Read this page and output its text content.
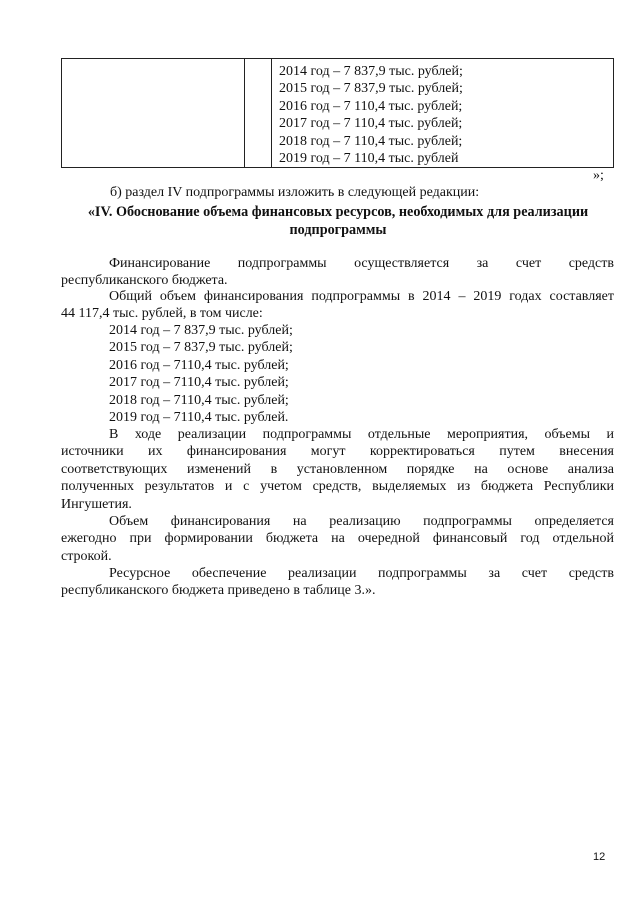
2014 год – 7 837,9 тыс. рублей;
2015 год – 7 837,9 тыс. рублей;
2016 год – 7 110,4 тыс. рублей;
2017 год – 7 110,4 тыс. рублей;
2018 год – 7 110,4 тыс. рублей;
2019 год – 7 110,4 тыс. рублей
»;
б) раздел IV подпрограммы изложить в следующей редакции:
«IV. Обоснование объема финансовых ресурсов, необходимых для реализации подпрограммы
Финансирование подпрограммы осуществляется за счет средств
республиканского бюджета.
Общий объем финансирования подпрограммы в 2014 – 2019 годах составляет
44 117,4 тыс. рублей, в том числе:
2014 год – 7 837,9 тыс. рублей;
2015 год – 7 837,9 тыс. рублей;
2016 год – 7110,4 тыс. рублей;
2017 год – 7110,4 тыс. рублей;
2018 год – 7110,4 тыс. рублей;
2019 год – 7110,4 тыс. рублей.
В ходе реализации подпрограммы отдельные мероприятия, объемы и
источники их финансирования могут корректироваться путем внесения
соответствующих изменений в установленном порядке на основе анализа
полученных результатов и с учетом средств, выделяемых из бюджета Республики
Ингушетия.
Объем финансирования на реализацию подпрограммы определяется
ежегодно при формировании бюджета на очередной финансовый год отдельной
строкой.
Ресурсное обеспечение реализации подпрограммы за счет средств
республиканского бюджета приведено в таблице 3.».
12
